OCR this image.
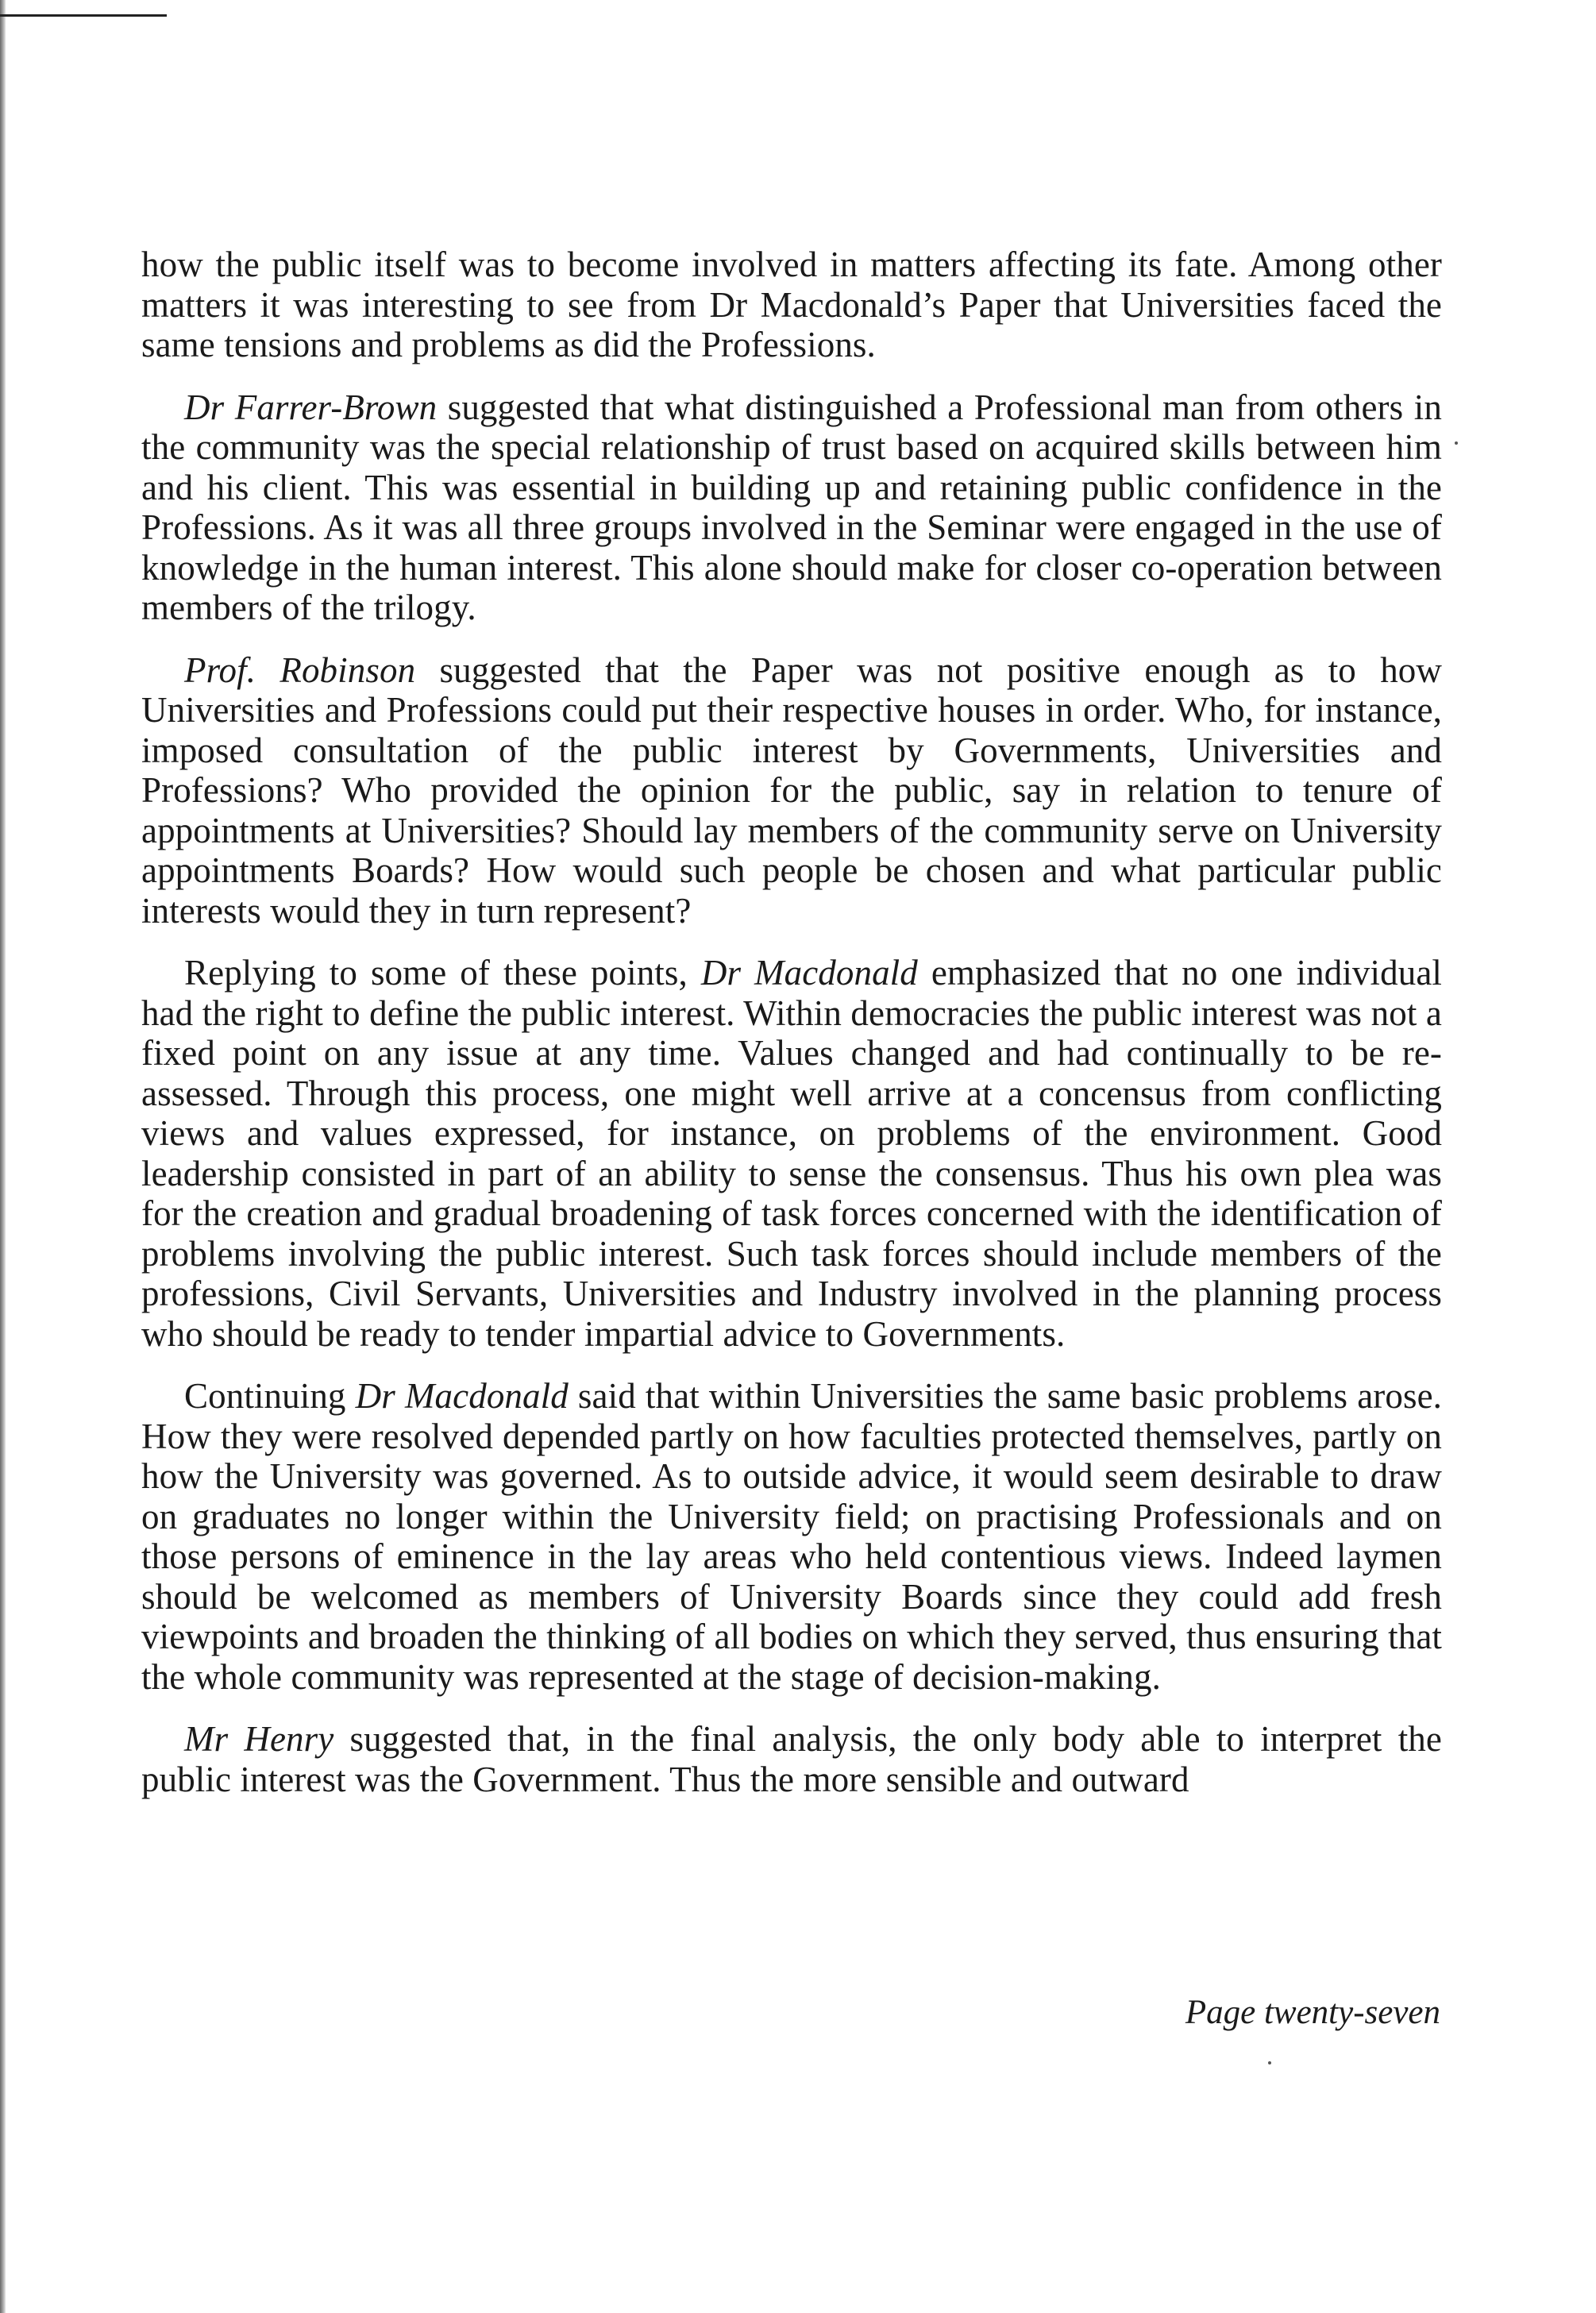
how the public itself was to become involved in matters affecting its fate. Among other matters it was interesting to see from Dr Macdonald’s Paper that Universities faced the same tensions and problems as did the Professions.

Dr Farrer-Brown suggested that what distinguished a Professional man from others in the community was the special relationship of trust based on acquired skills between him and his client. This was essential in building up and retaining public confidence in the Professions. As it was all three groups involved in the Seminar were engaged in the use of knowledge in the human interest. This alone should make for closer co-operation between members of the trilogy.

Prof. Robinson suggested that the Paper was not positive enough as to how Universities and Professions could put their respective houses in order. Who, for instance, imposed consultation of the public interest by Governments, Universities and Professions? Who provided the opinion for the public, say in relation to tenure of appointments at Universities? Should lay members of the community serve on University appointments Boards? How would such people be chosen and what particular public interests would they in turn represent?

Replying to some of these points, Dr Macdonald emphasized that no one individual had the right to define the public interest. Within democracies the public interest was not a fixed point on any issue at any time. Values changed and had continually to be re-assessed. Through this process, one might well arrive at a concensus from conflicting views and values expressed, for instance, on problems of the environment. Good leadership consisted in part of an ability to sense the consensus. Thus his own plea was for the creation and gradual broadening of task forces concerned with the identification of problems involving the public interest. Such task forces should include members of the professions, Civil Servants, Universities and Industry involved in the planning process who should be ready to tender impartial advice to Governments.

Continuing Dr Macdonald said that within Universities the same basic problems arose. How they were resolved depended partly on how faculties protected themselves, partly on how the University was governed. As to outside advice, it would seem desirable to draw on graduates no longer within the University field; on practising Professionals and on those persons of eminence in the lay areas who held contentious views. Indeed laymen should be welcomed as members of University Boards since they could add fresh viewpoints and broaden the thinking of all bodies on which they served, thus ensuring that the whole community was represented at the stage of decision-making.

Mr Henry suggested that, in the final analysis, the only body able to interpret the public interest was the Government. Thus the more sensible and outward

Page twenty-seven
